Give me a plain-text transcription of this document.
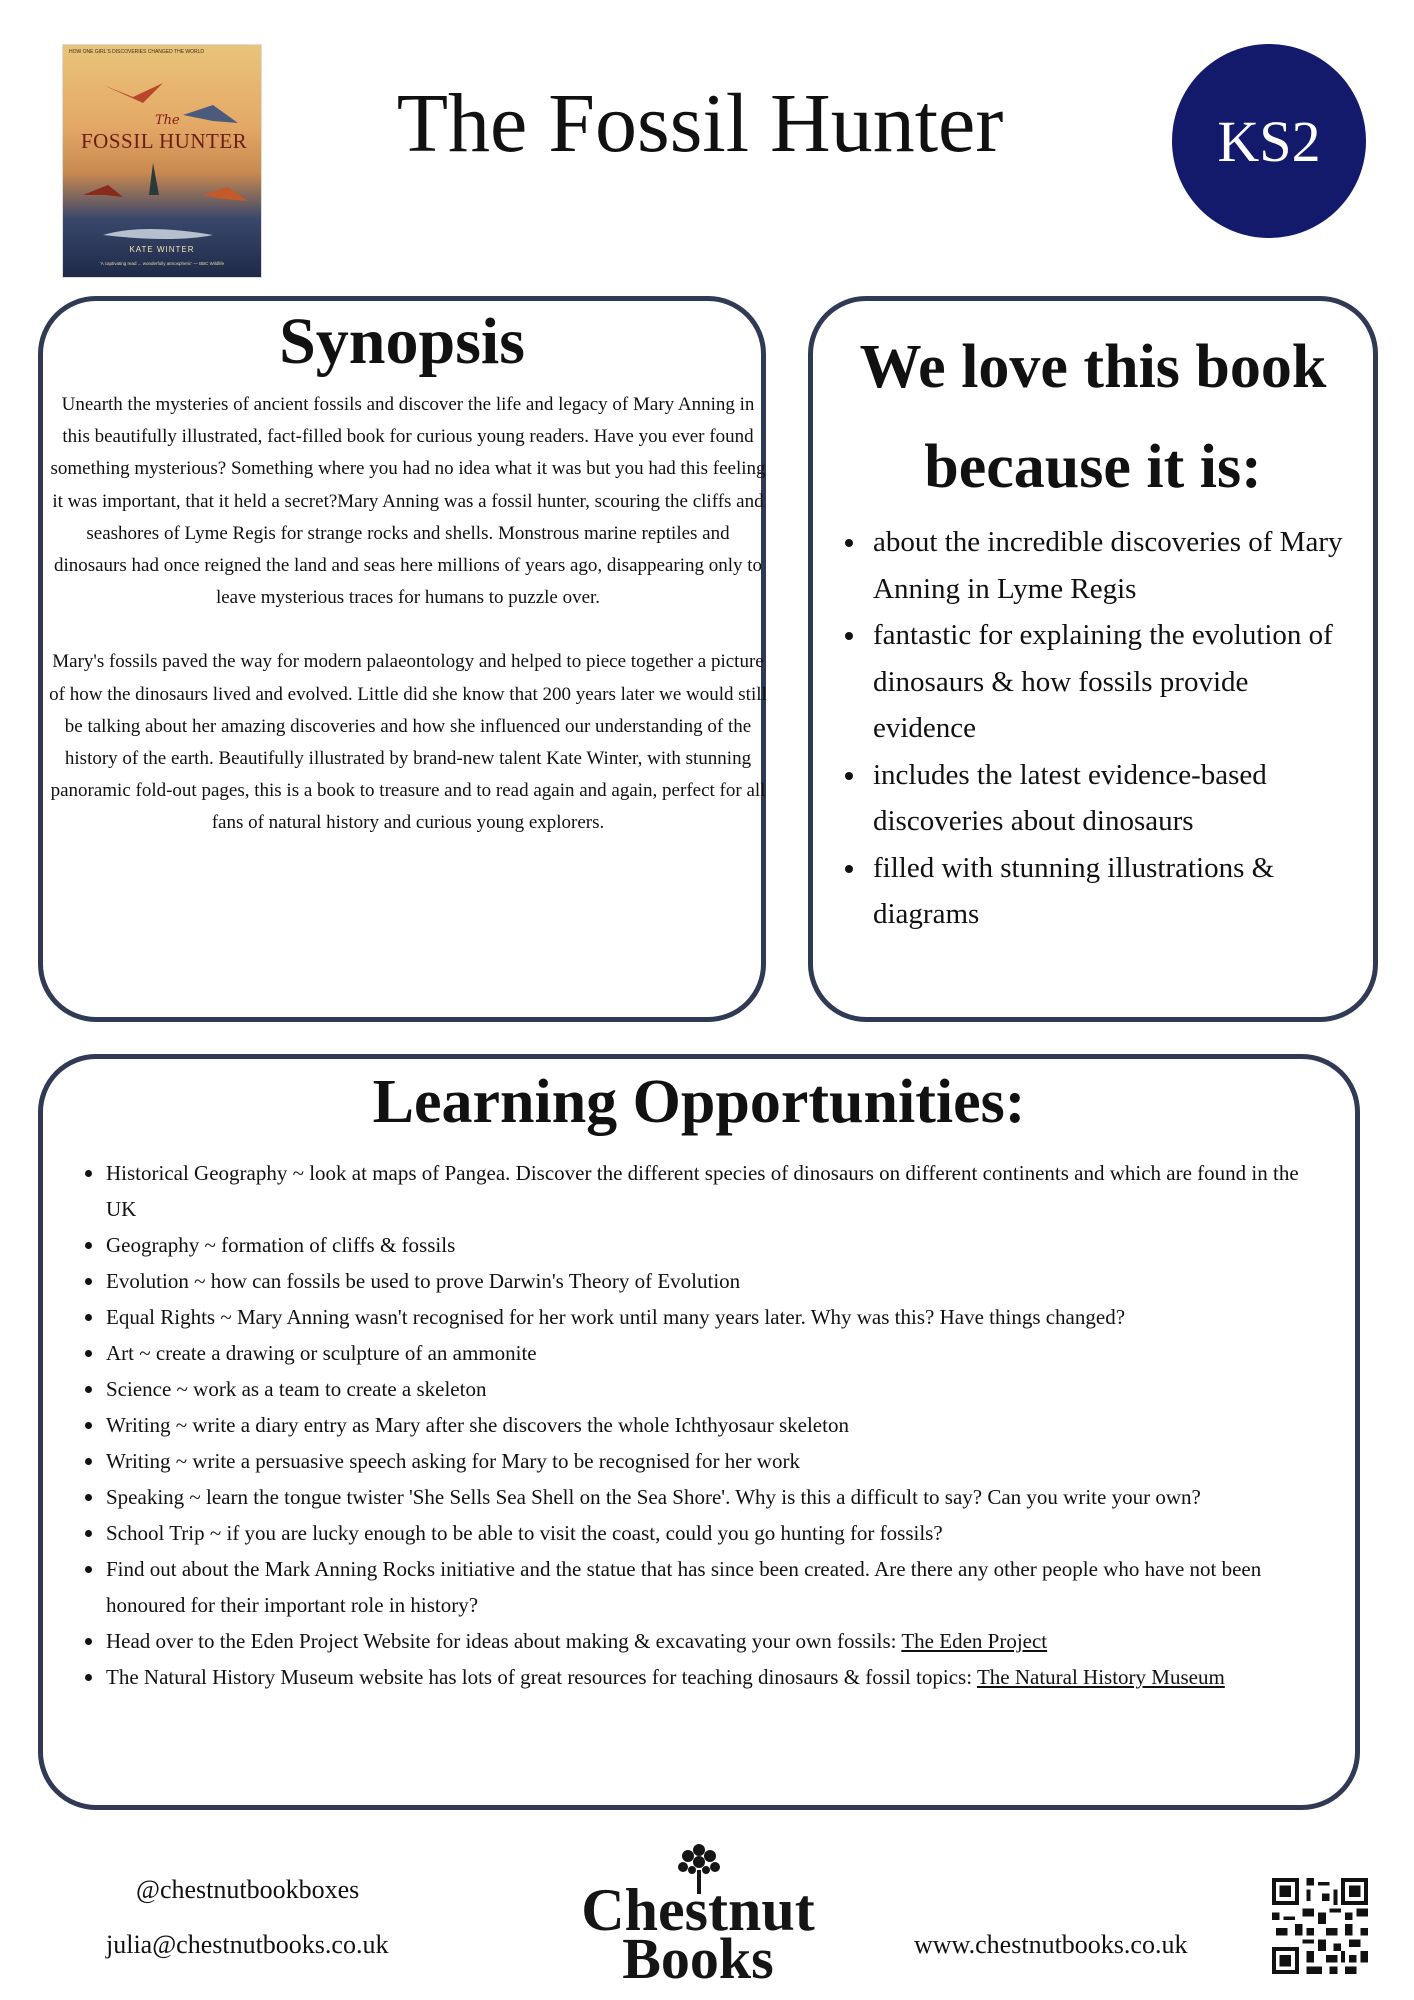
HOW ONE GIRL'S DISCOVERIES CHANGED THE WORLD
The
FOSSIL HUNTER
KATE WINTER
'A captivating read ... wonderfully atmospheric' — BBC Wildlife
The Fossil Hunter	KS2
Synopsis

Unearth the mysteries of ancient fossils and discover the life and legacy of Mary Anning in this beautifully illustrated, fact-filled book for curious young readers. Have you ever found something mysterious? Something where you had no idea what it was but you had this feeling it was important, that it held a secret?Mary Anning was a fossil hunter, scouring the cliffs and seashores of Lyme Regis for strange rocks and shells. Monstrous marine reptiles and dinosaurs had once reigned the land and seas here millions of years ago, disappearing only to leave mysterious traces for humans to puzzle over.

Mary's fossils paved the way for modern palaeontology and helped to piece together a picture of how the dinosaurs lived and evolved. Little did she know that 200 years later we would still be talking about her amazing discoveries and how she influenced our understanding of the history of the earth. Beautifully illustrated by brand-new talent Kate Winter, with stunning panoramic fold-out pages, this is a book to treasure and to read again and again, perfect for all fans of natural history and curious young explorers.

We love this book because it is:
about the incredible discoveries of Mary Anning in Lyme Regis
fantastic for explaining the evolution of dinosaurs & how fossils provide evidence
includes the latest evidence-based discoveries about dinosaurs
filled with stunning illustrations & diagrams
Learning Opportunities:
Historical Geography ~ look at maps of Pangea. Discover the different species of dinosaurs on different continents and which are found in the UK
Geography ~ formation of cliffs & fossils
Evolution ~ how can fossils be used to prove Darwin's Theory of Evolution
Equal Rights ~ Mary Anning wasn't recognised for her work until many years later. Why was this? Have things changed?
Art ~ create a drawing or sculpture of an ammonite
Science ~ work as a team to create a skeleton
Writing ~ write a diary entry as Mary after she discovers the whole Ichthyosaur skeleton
Writing ~ write a persuasive speech asking for Mary to be recognised for her work
Speaking ~ learn the tongue twister 'She Sells Sea Shell on the Sea Shore'. Why is this a difficult to say? Can you write your own?
School Trip ~ if you are lucky enough to be able to visit the coast, could you go hunting for fossils?
Find out about the Mark Anning Rocks initiative and the statue that has since been created. Are there any other people who have not been honoured for their important role in history?
Head over to the Eden Project Website for ideas about making & excavating your own fossils: The Eden Project
The Natural History Museum website has lots of great resources for teaching dinosaurs & fossil topics: The Natural History Museum
@chestnutbookboxes
julia@chestnutbooks.co.uk	www.chestnutbooks.co.uk
Chestnut
Books
